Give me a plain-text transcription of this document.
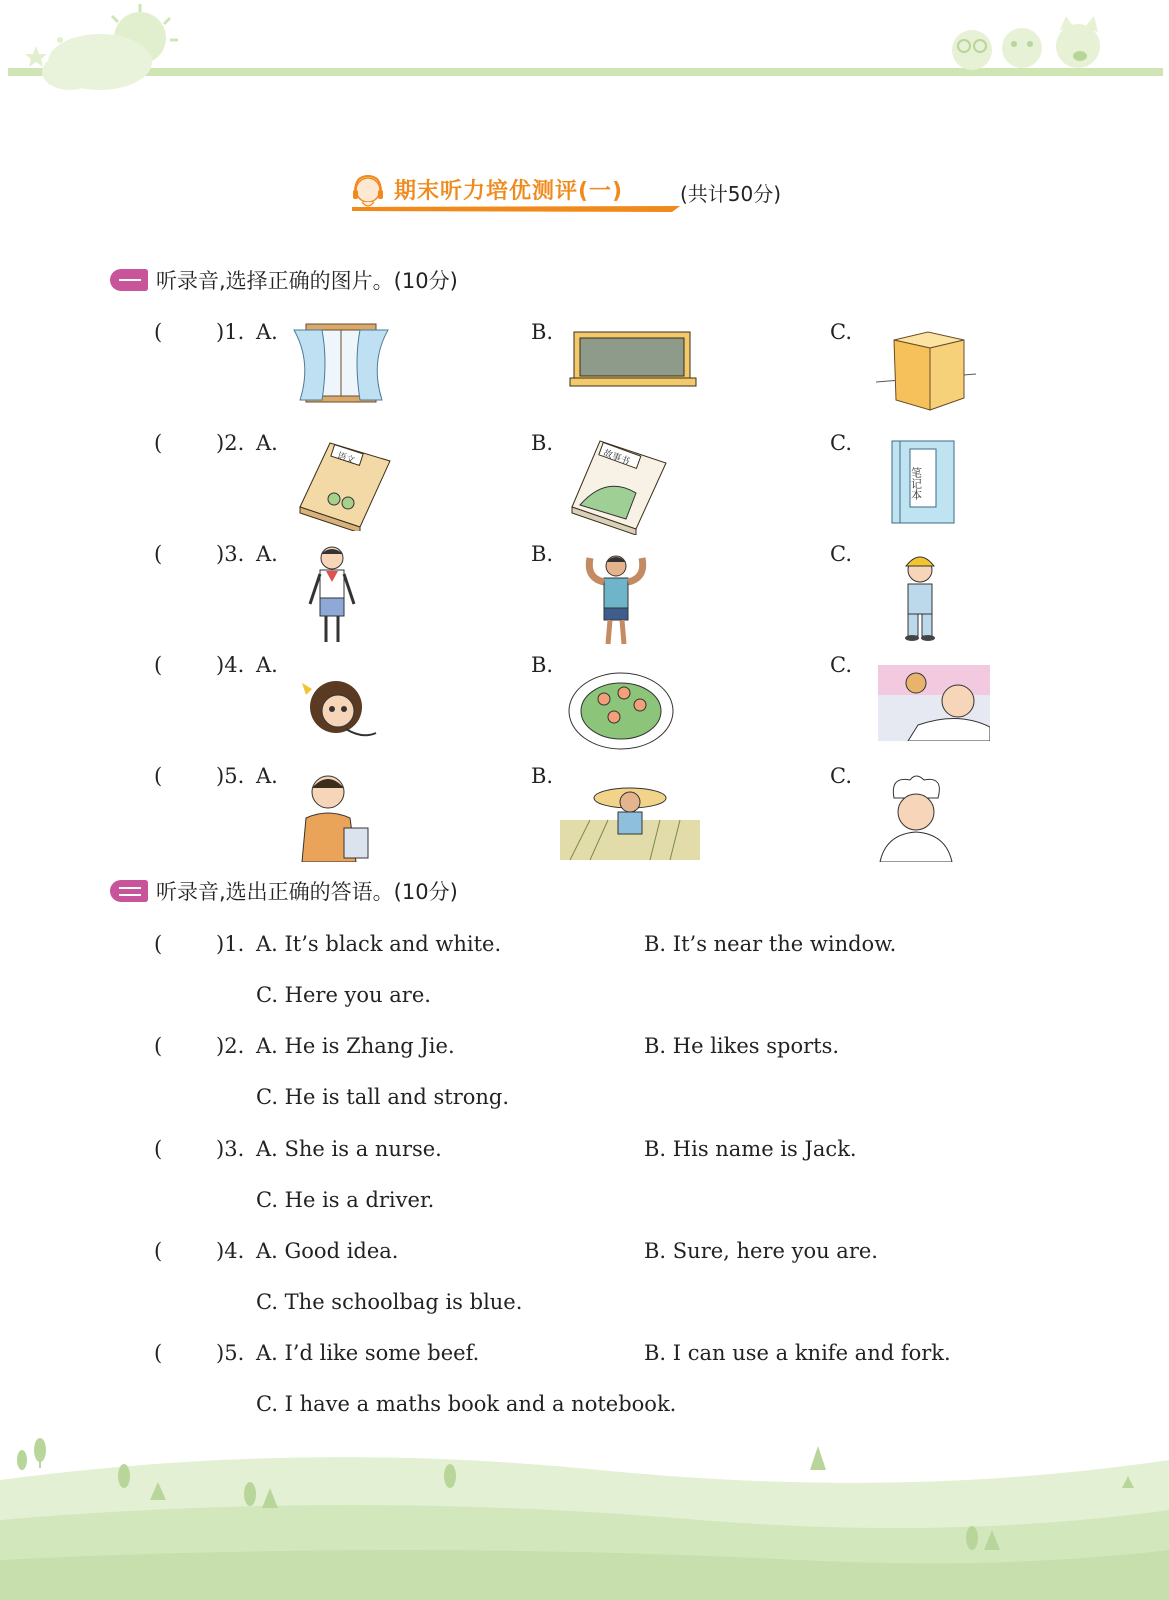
期末听力培优测评(一)	(共计50分)
听录音,选择正确的图片。(10分)
(	)1. A.	B.	C.
(	)2. A.
语文
B.
故事书
C.
笔记本
(	)3. A.	B.	C.
(	)4. A.	B.	C.
(	)5. A.	B.	C.
听录音,选出正确的答语。(10分)
(	)1. A. It’s black and white.	B. It’s near the window.
C. Here you are.
(	)2. A. He is Zhang Jie.	B. He likes sports.
C. He is tall and strong.
(	)3. A. She is a nurse.	B. His name is Jack.
C. He is a driver.
(	)4. A. Good idea.	B. Sure, here you are.
C. The schoolbag is blue.
(	)5. A. I’d like some beef.	B. I can use a knife and fork.
C. I have a maths book and a notebook.
